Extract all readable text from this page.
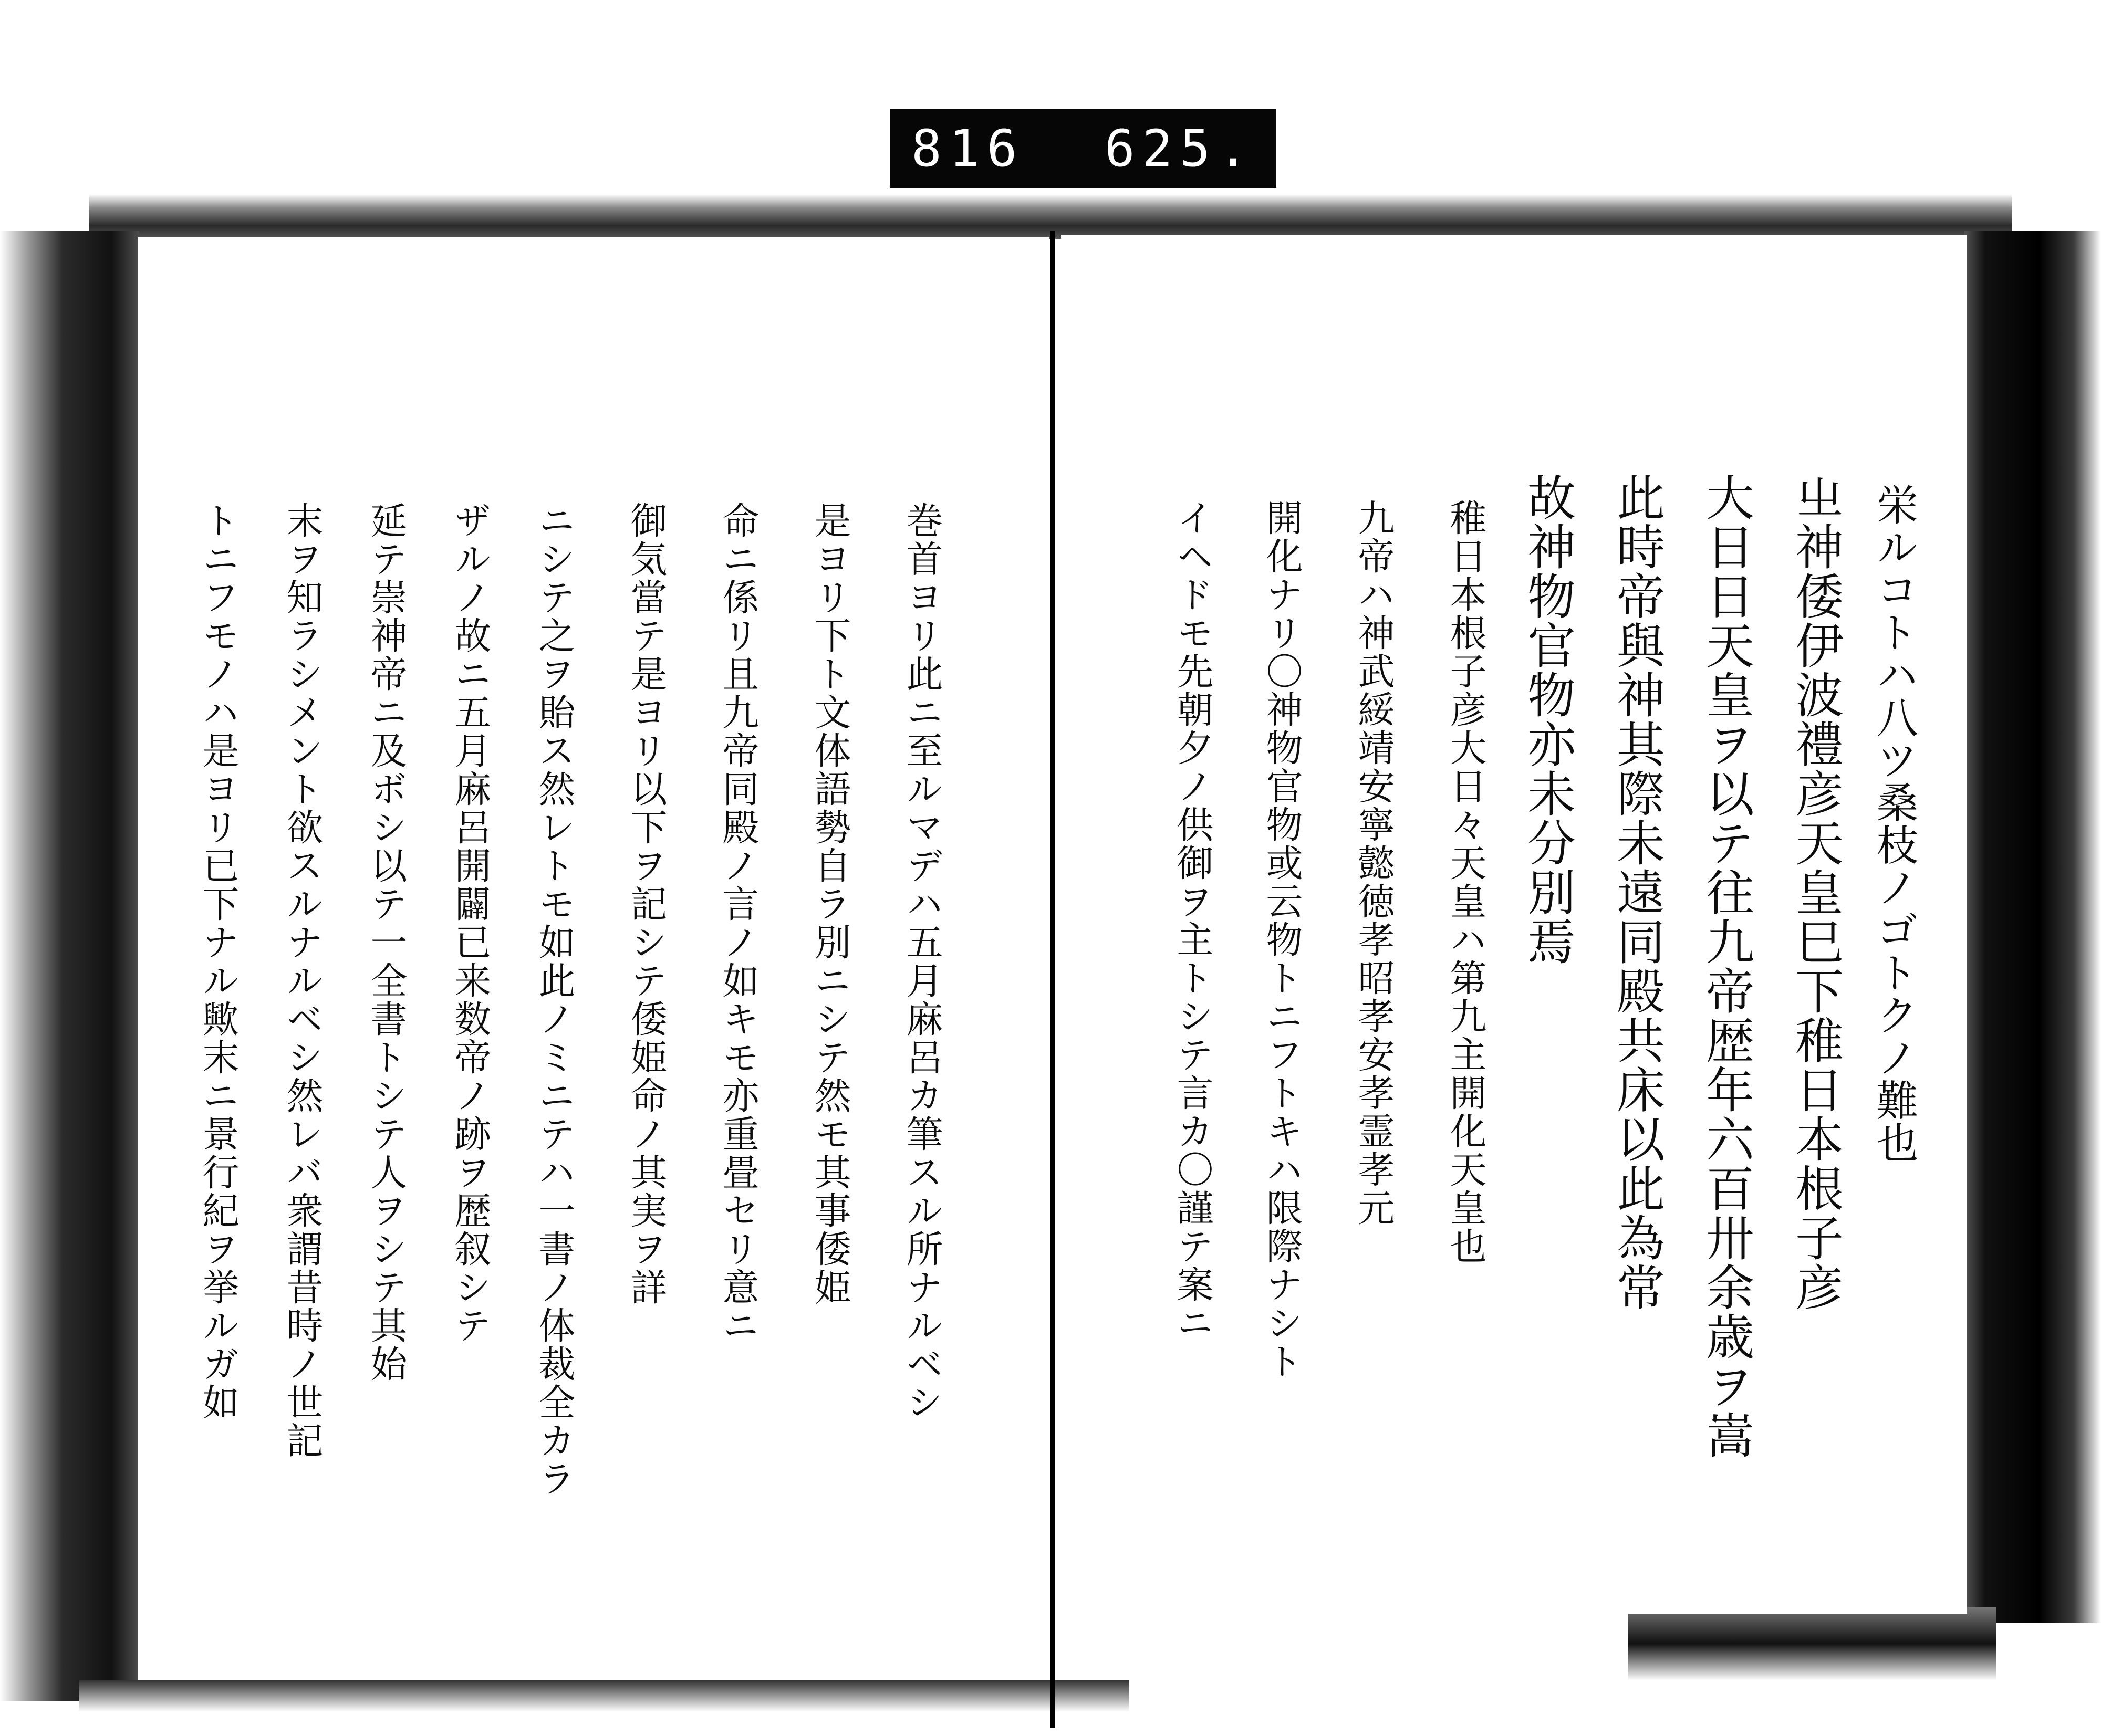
816 625.
栄ルコトハ八ツ桑枝ノゴトクノ難也
㞢神倭伊波禮彦天皇巳下稚日本根子彦
大日日天皇ヲ以テ往九帝歴年六百卅余歳ヲ嵩
此時帝與神其際未遠同殿共床以此為常
故神物官物亦未分別焉
稚日本根子彦大日々天皇ハ第九主開化天皇也
九帝ハ神武綏靖安寧懿徳孝昭孝安孝霊孝元
開化ナリ〇神物官物或云物トニフトキハ限際ナシト
イヘドモ先朝夕ノ供御ヲ主トシテ言カ〇謹テ案ニ
巻首ヨリ此ニ至ルマデハ五月麻呂カ筆スル所ナルベシ
是ヨリ下ト文体語勢自ラ別ニシテ然モ其事倭姫
命ニ係リ且九帝同殿ノ言ノ如キモ亦重畳セリ意ニ
御気當テ是ヨリ以下ヲ記シテ倭姫命ノ其実ヲ詳
ニシテ之ヲ貽ス然レトモ如此ノミニテハ一書ノ体裁全カラ
ザルノ故ニ五月麻呂開闢已来数帝ノ跡ヲ歴叙シテ
延テ崇神帝ニ及ボシ以テ一全書トシテ人ヲシテ其始
末ヲ知ラシメント欲スルナルベシ然レバ衆謂昔時ノ世記
トニフモノハ是ヨリ已下ナル歟末ニ景行紀ヲ挙ルガ如
